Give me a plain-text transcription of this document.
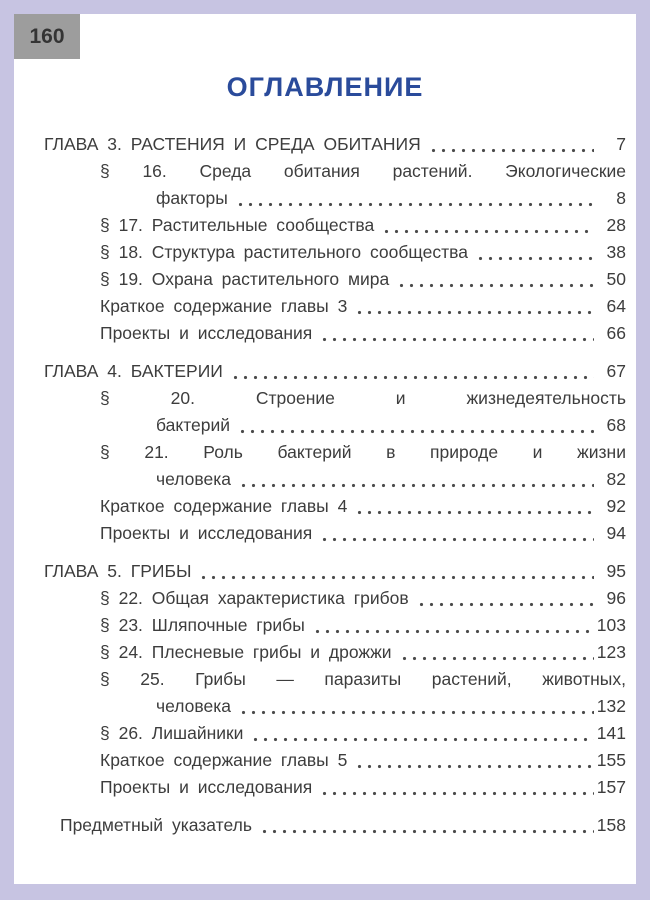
160
ОГЛАВЛЕНИЕ
ГЛАВА 3. РАСТЕНИЯ И СРЕДА ОБИТАНИЯ	7
§ 16. Среда обитания растений. Экологические
факторы	8
§ 17. Растительные сообщества	28
§ 18. Структура растительного сообщества	38
§ 19. Охрана растительного мира	50
Краткое содержание главы 3	64
Проекты и исследования	66
ГЛАВА 4. БАКТЕРИИ	67
§ 20. Строение и жизнедеятельность
бактерий	68
§ 21. Роль бактерий в природе и жизни
человека	82
Краткое содержание главы 4	92
Проекты и исследования	94
ГЛАВА 5. ГРИБЫ	95
§ 22. Общая характеристика грибов	96
§ 23. Шляпочные грибы	103
§ 24. Плесневые грибы и дрожжи	123
§ 25. Грибы — паразиты растений, животных,
человека	132
§ 26. Лишайники	141
Краткое содержание главы 5	155
Проекты и исследования	157
Предметный указатель	158
